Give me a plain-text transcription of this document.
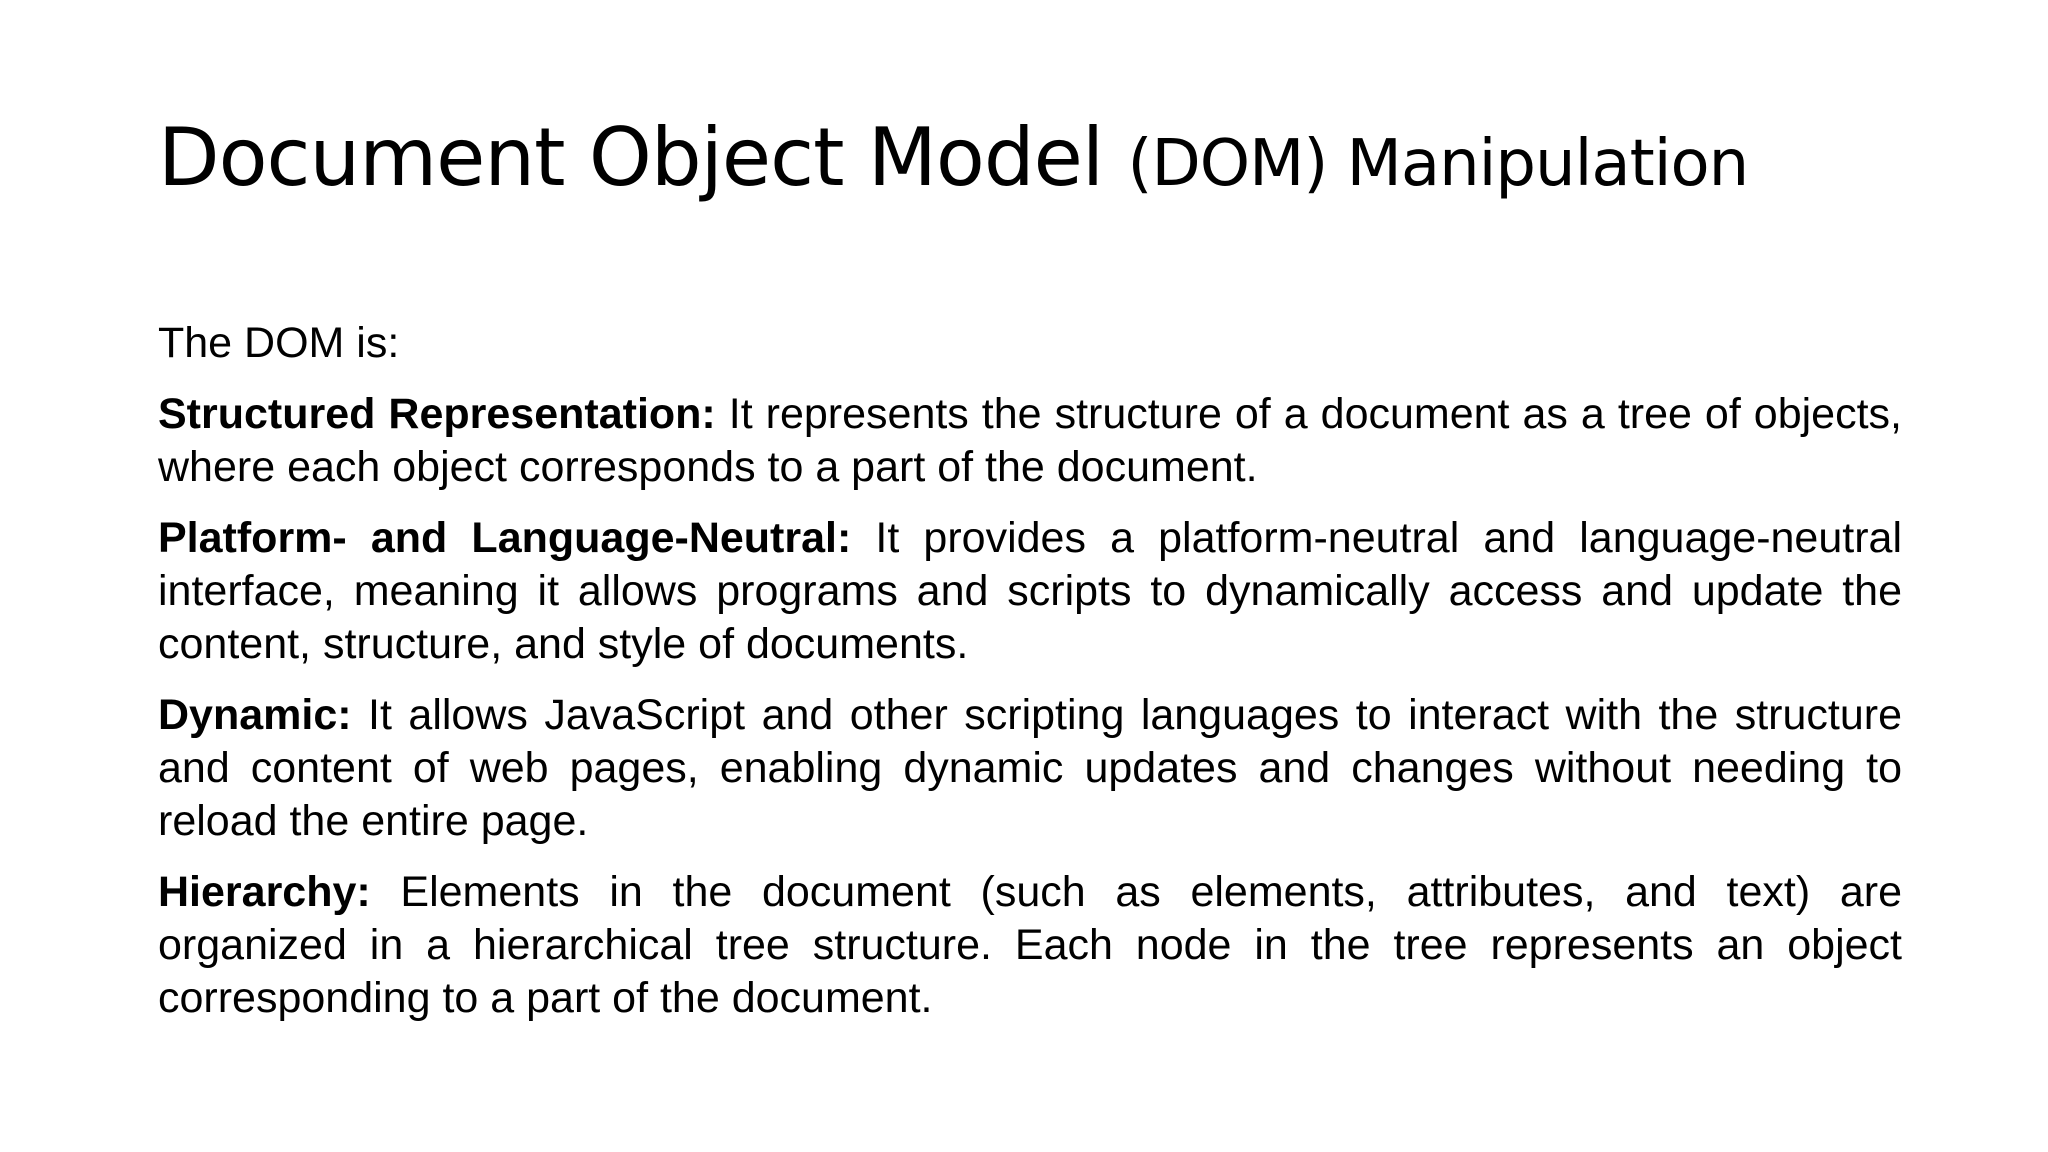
Document Object Model (DOM) Manipulation

The DOM is:

Structured Representation: It represents the structure of a document as a tree of objects, where each object corresponds to a part of the document.

Platform- and Language-Neutral: It provides a platform-neutral and language-neutral interface, meaning it allows programs and scripts to dynamically access and update the content, structure, and style of documents.

Dynamic: It allows JavaScript and other scripting languages to interact with the structure and content of web pages, enabling dynamic updates and changes without needing to reload the entire page.

Hierarchy: Elements in the document (such as elements, attributes, and text) are organized in a hierarchical tree structure. Each node in the tree represents an object corresponding to a part of the document.
